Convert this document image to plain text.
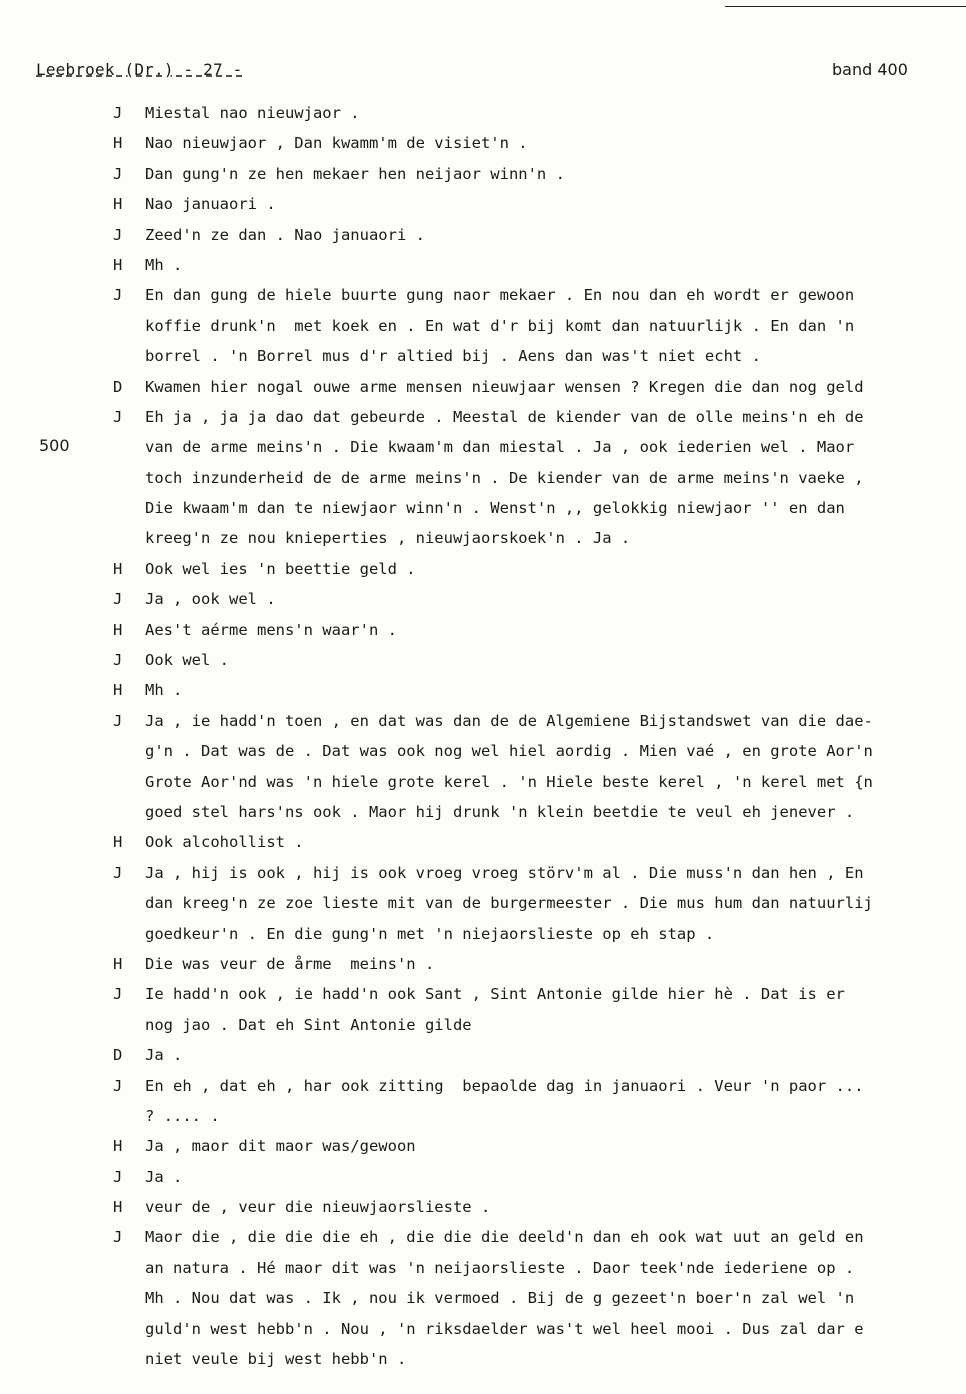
Leebroek (Dr.) - 27 -	band 400
500
J Miestal nao nieuwjaor .
H Nao nieuwjaor , Dan kwamm'm de visiet'n .
J Dan gung'n ze hen mekaer hen neijaor winn'n .
H Nao januaori .
J Zeed'n ze dan . Nao januaori .
H Mh .
J En dan gung de hiele buurte gung naor mekaer . En nou dan eh wordt er gewoon
koffie drunk'n  met koek en . En wat d'r bij komt dan natuurlijk . En dan 'n
borrel . 'n Borrel mus d'r altied bij . Aens dan was't niet echt .
D Kwamen hier nogal ouwe arme mensen nieuwjaar wensen ? Kregen die dan nog geld
J Eh ja , ja ja dao dat gebeurde . Meestal de kiender van de olle meins'n eh de
van de arme meins'n . Die kwaam'm dan miestal . Ja , ook iederien wel . Maor
toch inzunderheid de de arme meins'n . De kiender van de arme meins'n vaeke ,
Die kwaam'm dan te niewjaor winn'n . Wenst'n ,, gelokkig niewjaor '' en dan
kreeg'n ze nou knieperties , nieuwjaorskoek'n . Ja .
H Ook wel ies 'n beettie geld .
J Ja , ook wel .
H Aes't aérme mens'n waar'n .
J Ook wel .
H Mh .
J Ja , ie hadd'n toen , en dat was dan de de Algemiene Bijstandswet van die dae-
g'n . Dat was de . Dat was ook nog wel hiel aordig . Mien vaé , en grote Aor'n
Grote Aor'nd was 'n hiele grote kerel . 'n Hiele beste kerel , 'n kerel met {n
goed stel hars'ns ook . Maor hij drunk 'n klein beetdie te veul eh jenever .
H Ook alcohollist .
J Ja , hij is ook , hij is ook vroeg vroeg störv'm al . Die muss'n dan hen , En
dan kreeg'n ze zoe lieste mit van de burgermeester . Die mus hum dan natuurlij
goedkeur'n . En die gung'n met 'n niejaorslieste op eh stap .
H Die was veur de årme  meins'n .
J Ie hadd'n ook , ie hadd'n ook Sant , Sint Antonie gilde hier hè . Dat is er
nog jao . Dat eh Sint Antonie gilde
D Ja .
J En eh , dat eh , har ook zitting  bepaolde dag in januaori . Veur 'n paor ...
? .... .
H Ja , maor dit maor was/gewoon
J Ja .
H veur de , veur die nieuwjaorslieste .
J Maor die , die die die eh , die die die deeld'n dan eh ook wat uut an geld en
an natura . Hé maor dit was 'n neijaorslieste . Daor teek'nde iederiene op .
Mh . Nou dat was . Ik , nou ik vermoed . Bij de g gezeet'n boer'n zal wel 'n
guld'n west hebb'n . Nou , 'n riksdaelder was't wel heel mooi . Dus zal dar e
niet veule bij west hebb'n .
